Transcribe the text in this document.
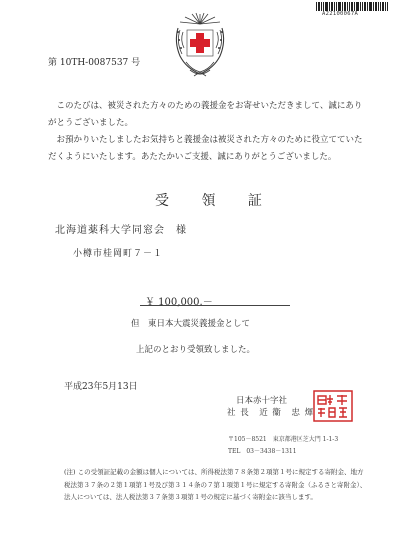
A22100067A
第 10TH-0087537 号
このたびは、被災された方々のための義援金をお寄せいただきまして、誠にありがとうございました。
お預かりいたしましたお気持ちと義援金は被災された方々のために役立てていただくようにいたします。あたたかいご支援、誠にありがとうございました。
受 領 証
北海道薬科大学同窓会　様
小樽市桂岡町７－１
￥ 100,000.－
但　東日本大震災義援金として
上記のとおり受領致しました。
平成23年5月13日
日本赤十字社
社 長　近 衞　忠 煇
〒105－8521　東京都港区芝大門 1-1-3
TEL　03－3438－1311
(注) この受領証記載の金額は個人については、所得税法第７８条第２項第１号に規定する寄附金、地方税法第３７条の２第１項第１号及び第３１４条の７第１項第１号に規定する寄附金（ふるさと寄附金）、法人については、法人税法第３７条第３項第１号の規定に基づく寄附金に該当します。
